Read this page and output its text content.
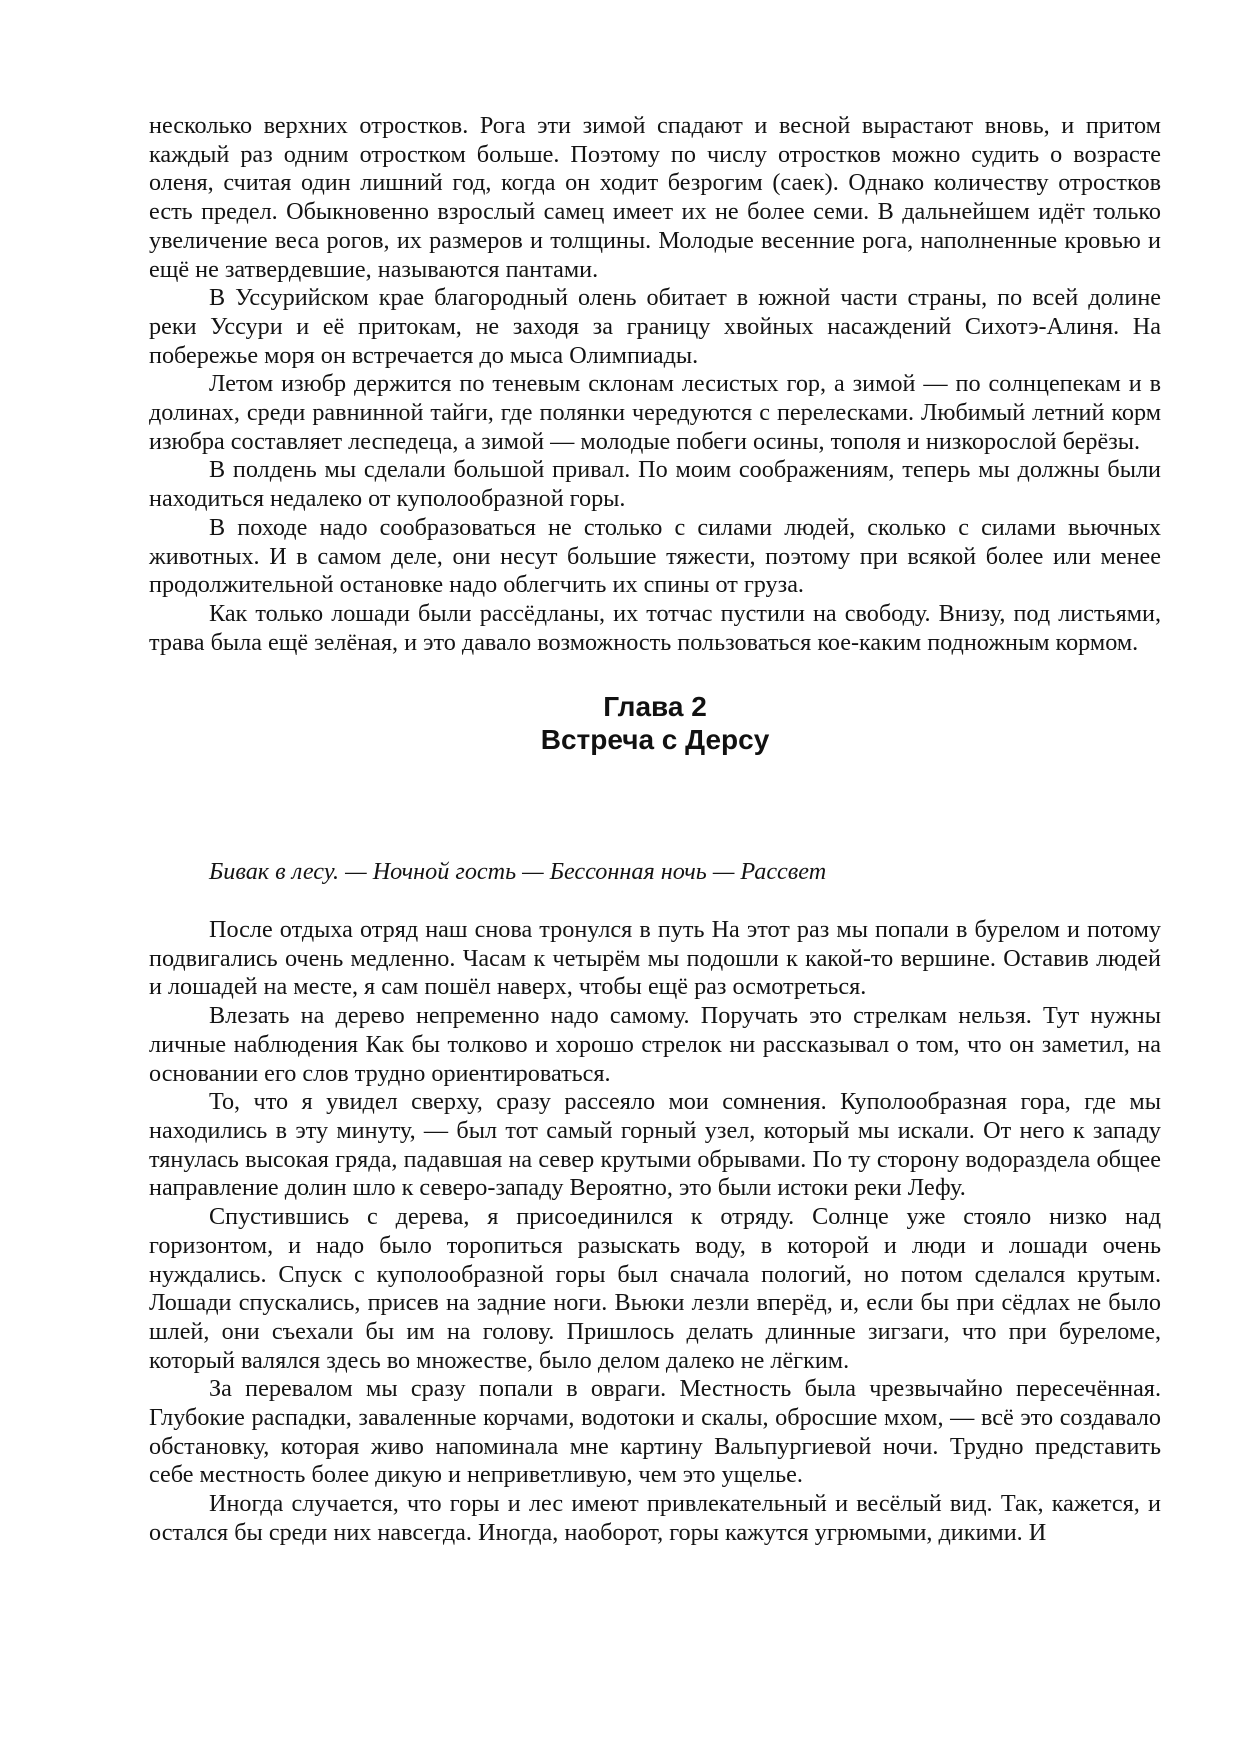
несколько верхних отростков. Рога эти зимой спадают и весной вырастают вновь, и притом каждый раз одним отростком больше. Поэтому по числу отростков можно судить о возрасте оленя, считая один лишний год, когда он ходит безрогим (саек). Однако количеству отростков есть предел. Обыкновенно взрослый самец имеет их не более семи. В дальнейшем идёт только увеличение веса рогов, их размеров и толщины. Молодые весенние рога, наполненные кровью и ещё не затвердевшие, называются пантами.

В Уссурийском крае благородный олень обитает в южной части страны, по всей долине реки Уссури и её притокам, не заходя за границу хвойных насаждений Сихотэ-Алиня. На побережье моря он встречается до мыса Олимпиады.

Летом изюбр держится по теневым склонам лесистых гор, а зимой — по солнцепекам и в долинах, среди равнинной тайги, где полянки чередуются с перелесками. Любимый летний корм изюбра составляет леспедеца, а зимой — молодые побеги осины, тополя и низкорослой берёзы.

В полдень мы сделали большой привал. По моим соображениям, теперь мы должны были находиться недалеко от куполообразной горы.

В походе надо сообразоваться не столько с силами людей, сколько с силами вьючных животных. И в самом деле, они несут большие тяжести, поэтому при всякой более или менее продолжительной остановке надо облегчить их спины от груза.

Как только лошади были рассёдланы, их тотчас пустили на свободу. Внизу, под листьями, трава была ещё зелёная, и это давало возможность пользоваться кое-каким подножным кормом.

Глава 2
Встреча с Дерсу
Бивак в лесу. — Ночной гость — Бессонная ночь — Рассвет

После отдыха отряд наш снова тронулся в путь На этот раз мы попали в бурелом и потому подвигались очень медленно. Часам к четырём мы подошли к какой-то вершине. Оставив людей и лошадей на месте, я сам пошёл наверх, чтобы ещё раз осмотреться.

Влезать на дерево непременно надо самому. Поручать это стрелкам нельзя. Тут нужны личные наблюдения Как бы толково и хорошо стрелок ни рассказывал о том, что он заметил, на основании его слов трудно ориентироваться.

То, что я увидел сверху, сразу рассеяло мои сомнения. Куполообразная гора, где мы находились в эту минуту, — был тот самый горный узел, который мы искали. От него к западу тянулась высокая гряда, падавшая на север крутыми обрывами. По ту сторону водораздела общее направление долин шло к северо-западу Вероятно, это были истоки реки Лефу.

Спустившись с дерева, я присоединился к отряду. Солнце уже стояло низко над горизонтом, и надо было торопиться разыскать воду, в которой и люди и лошади очень нуждались. Спуск с куполообразной горы был сначала пологий, но потом сделался крутым. Лошади спускались, присев на задние ноги. Вьюки лезли вперёд, и, если бы при сёдлах не было шлей, они съехали бы им на голову. Пришлось делать длинные зигзаги, что при буреломе, который валялся здесь во множестве, было делом далеко не лёгким.

За перевалом мы сразу попали в овраги. Местность была чрезвычайно пересечённая. Глубокие распадки, заваленные корчами, водотоки и скалы, обросшие мхом, — всё это создавало обстановку, которая живо напоминала мне картину Вальпургиевой ночи. Трудно представить себе местность более дикую и неприветливую, чем это ущелье.

Иногда случается, что горы и лес имеют привлекательный и весёлый вид. Так, кажется, и остался бы среди них навсегда. Иногда, наоборот, горы кажутся угрюмыми, дикими. И
